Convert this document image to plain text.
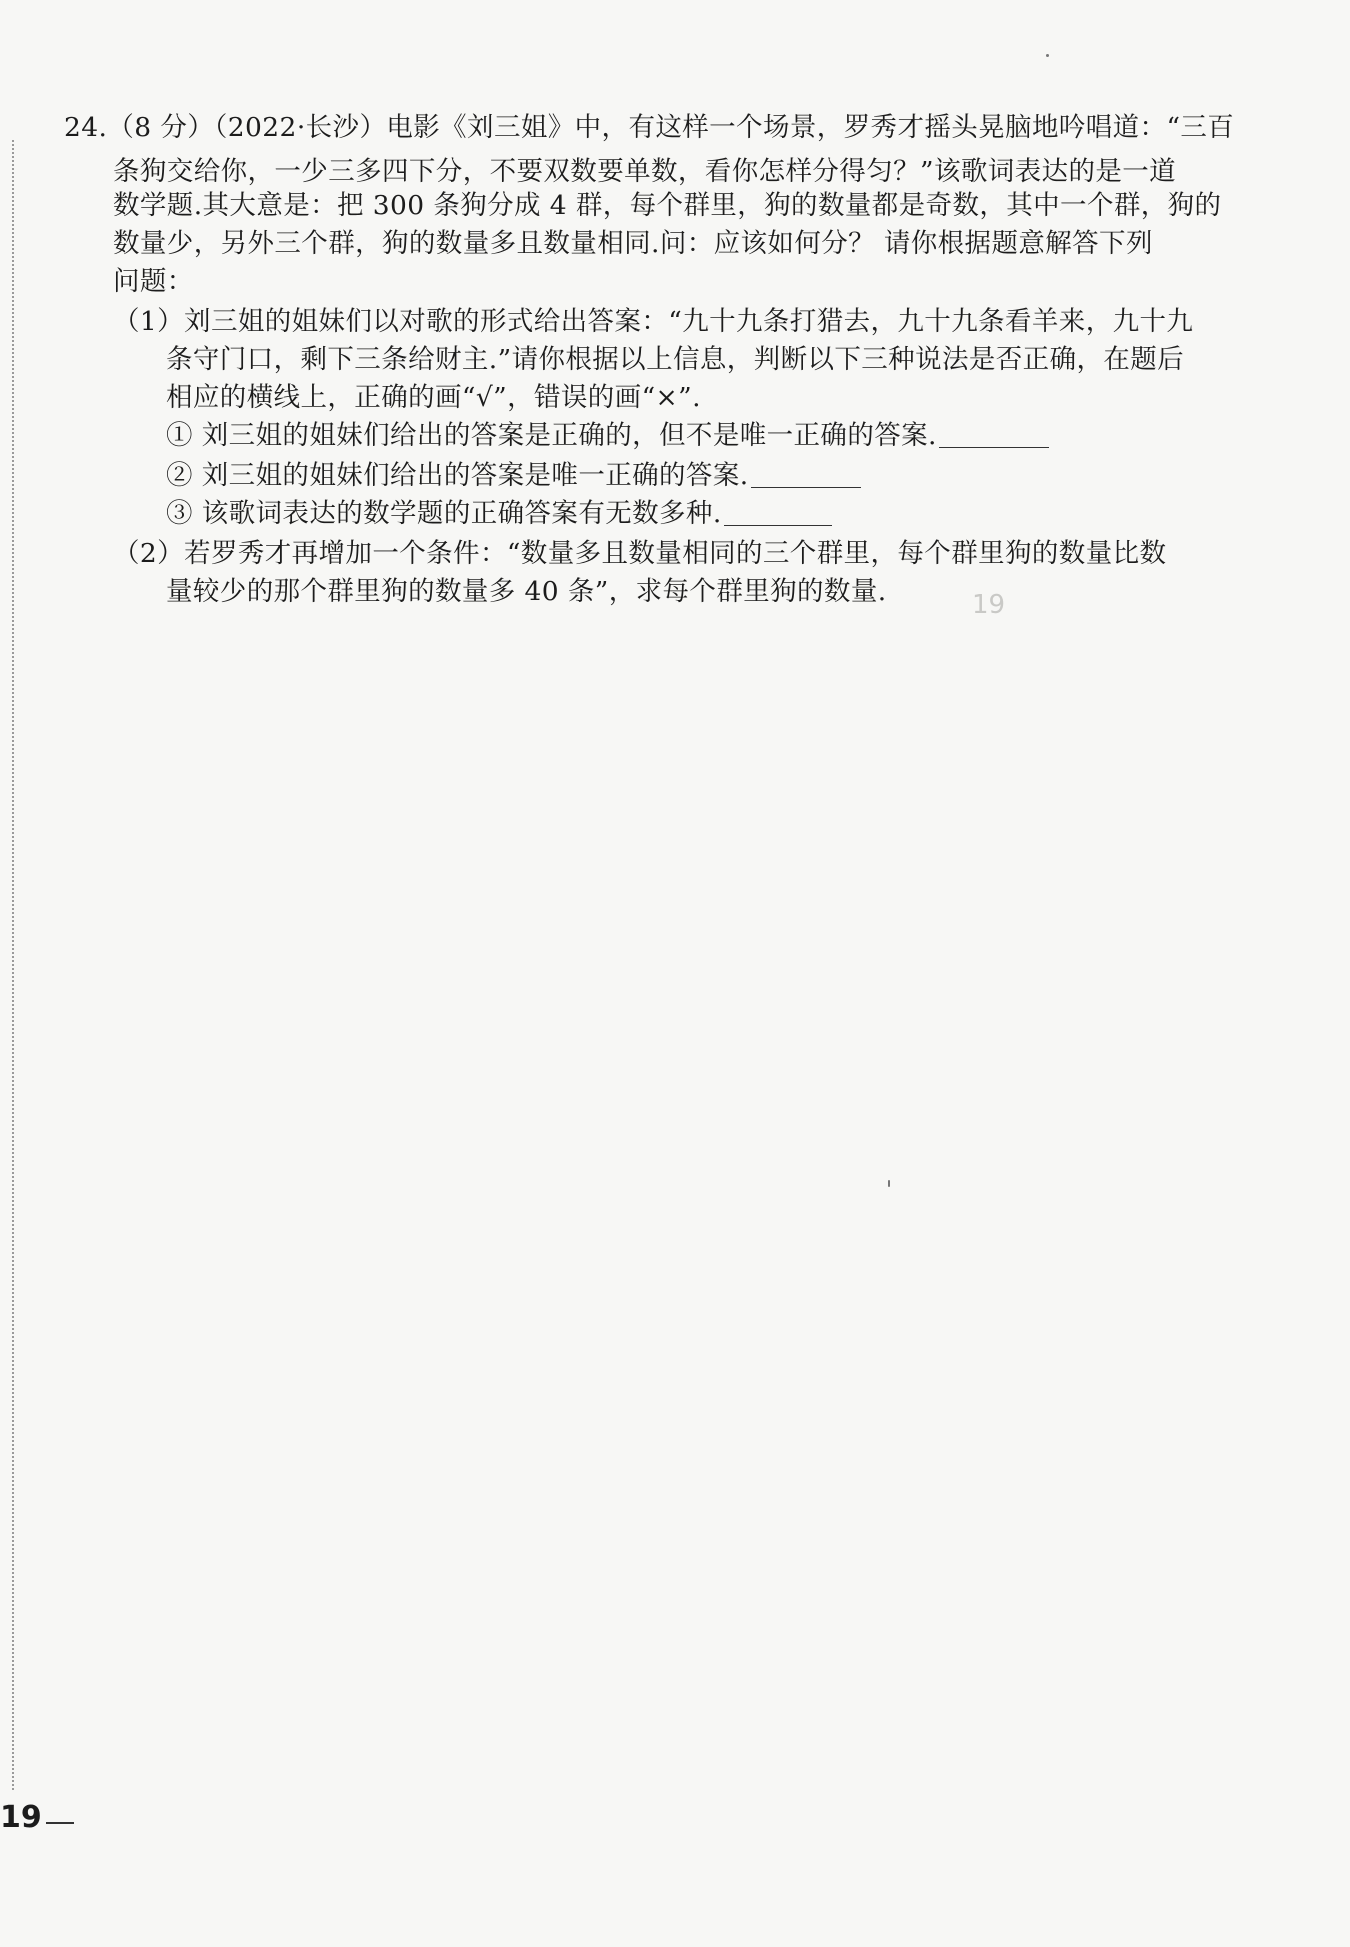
24.（8 分）（2022·长沙）电影《刘三姐》中，有这样一个场景，罗秀才摇头晃脑地吟唱道：“三百
条狗交给你，一少三多四下分，不要双数要单数，看你怎样分得匀？”该歌词表达的是一道
数学题.其大意是：把 300 条狗分成 4 群，每个群里，狗的数量都是奇数，其中一个群，狗的
数量少，另外三个群，狗的数量多且数量相同.问：应该如何分？ 请你根据题意解答下列
问题：
（1）刘三姐的姐妹们以对歌的形式给出答案：“九十九条打猎去，九十九条看羊来，九十九
条守门口，剩下三条给财主.”请你根据以上信息，判断以下三种说法是否正确，在题后
相应的横线上，正确的画“√”，错误的画“×”.
① 刘三姐的姐妹们给出的答案是正确的，但不是唯一正确的答案.
② 刘三姐的姐妹们给出的答案是唯一正确的答案.
③ 该歌词表达的数学题的正确答案有无数多种.
（2）若罗秀才再增加一个条件：“数量多且数量相同的三个群里，每个群里狗的数量比数
量较少的那个群里狗的数量多 40 条”，求每个群里狗的数量.	19
19
